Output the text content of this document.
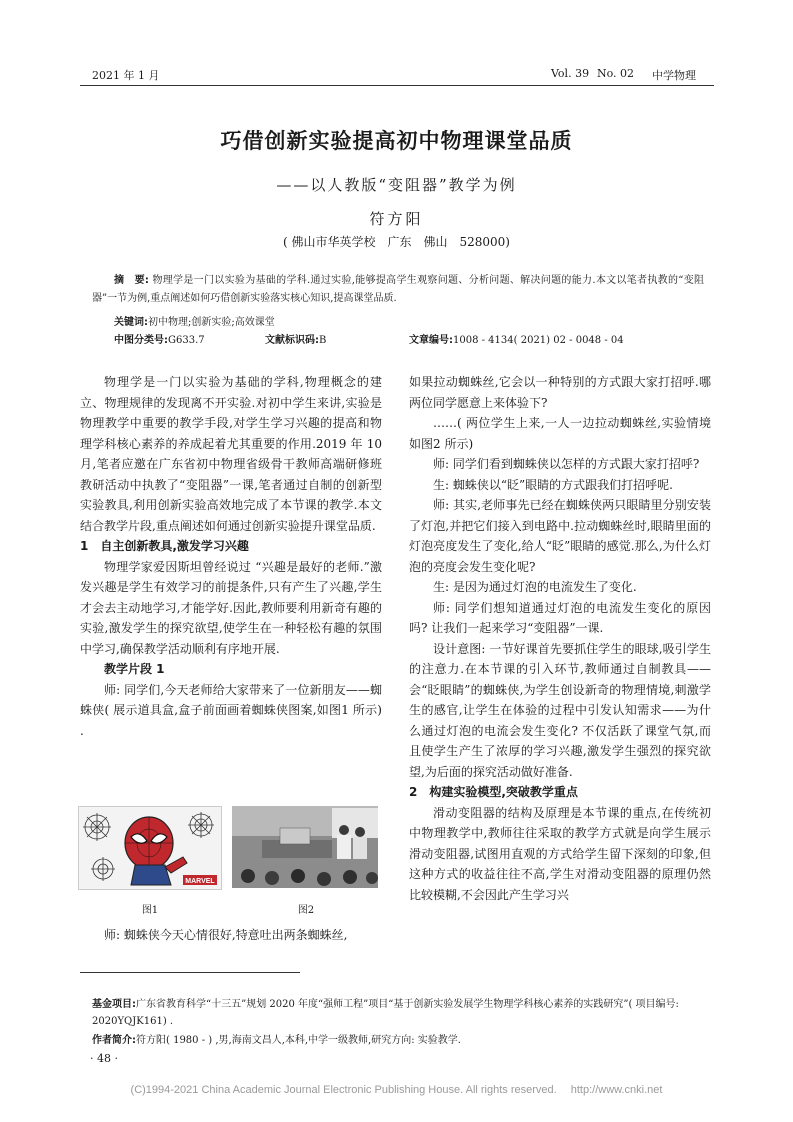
2021 年 1 月	Vol. 39 No. 02 中学物理
巧借创新实验提高初中物理课堂品质
——以人教版“变阻器”教学为例
符方阳
( 佛山市华英学校　广东　佛山　528000)
摘　要: 物理学是一门以实验为基础的学科.通过实验,能够提高学生观察问题、分析问题、解决问题的能力.本文以笔者执教的“变阻器”一节为例,重点阐述如何巧借创新实验落实核心知识,提高课堂品质.
关键词:初中物理;创新实验;高效课堂
中图分类号:G633.7	文献标识码:B	文章编号:1008 - 4134( 2021) 02 - 0048 - 04

物理学是一门以实验为基础的学科,物理概念的建立、物理规律的发现离不开实验.对初中学生来讲,实验是物理教学中重要的教学手段,对学生学习兴趣的提高和物理学科核心素养的养成起着尤其重要的作用.2019 年 10 月,笔者应邀在广东省初中物理省级骨干教师高端研修班教研活动中执教了“变阻器”一课,笔者通过自制的创新型实验教具,利用创新实验高效地完成了本节课的教学.本文结合教学片段,重点阐述如何通过创新实验提升课堂品质.

1　自主创新教具,激发学习兴趣

物理学家爱因斯坦曾经说过 “兴趣是最好的老师.”激发兴趣是学生有效学习的前提条件,只有产生了兴趣,学生才会去主动地学习,才能学好.因此,教师要利用新奇有趣的实验,激发学生的探究欲望,使学生在一种轻松有趣的氛围中学习,确保教学活动顺利有序地开展.

教学片段 1

师: 同学们,今天老师给大家带来了一位新朋友——蜘蛛侠( 展示道具盒,盒子前面画着蜘蛛侠图案,如图1 所示) .

MARVEL
图1	图2

师: 蜘蛛侠今天心情很好,特意吐出两条蜘蛛丝,

如果拉动蜘蛛丝,它会以一种特别的方式跟大家打招呼.哪两位同学愿意上来体验下?

……( 两位学生上来,一人一边拉动蜘蛛丝,实验情境如图2 所示)

师: 同学们看到蜘蛛侠以怎样的方式跟大家打招呼?

生: 蜘蛛侠以“眨”眼睛的方式跟我们打招呼呢.

师: 其实,老师事先已经在蜘蛛侠两只眼睛里分别安装了灯泡,并把它们接入到电路中.拉动蜘蛛丝时,眼睛里面的灯泡亮度发生了变化,给人“眨”眼睛的感觉.那么,为什么灯泡的亮度会发生变化呢?

生: 是因为通过灯泡的电流发生了变化.

师: 同学们想知道通过灯泡的电流发生变化的原因吗? 让我们一起来学习“变阻器”一课.

设计意图: 一节好课首先要抓住学生的眼球,吸引学生的注意力.在本节课的引入环节,教师通过自制教具——会“眨眼睛”的蜘蛛侠,为学生创设新奇的物理情境,刺激学生的感官,让学生在体验的过程中引发认知需求——为什么通过灯泡的电流会发生变化? 不仅活跃了课堂气氛,而且使学生产生了浓厚的学习兴趣,激发学生强烈的探究欲望,为后面的探究活动做好准备.

2　构建实验模型,突破教学重点

滑动变阻器的结构及原理是本节课的重点,在传统初中物理教学中,教师往往采取的教学方式就是向学生展示滑动变阻器,试图用直观的方式给学生留下深刻的印象,但这种方式的收益往往不高,学生对滑动变阻器的原理仍然比较模糊,不会因此产生学习兴

基金项目:广东省教育科学“十三五”规划 2020 年度“强师工程”项目“基于创新实验发展学生物理学科核心素养的实践研究”( 项目编号: 2020YQJK161) .
作者简介:符方阳( 1980 - ) ,男,海南文昌人,本科,中学一级教师,研究方向: 实验教学.
· 48 ·
(C)1994-2021 China Academic Journal Electronic Publishing House. All rights reserved.　 http://www.cnki.net
